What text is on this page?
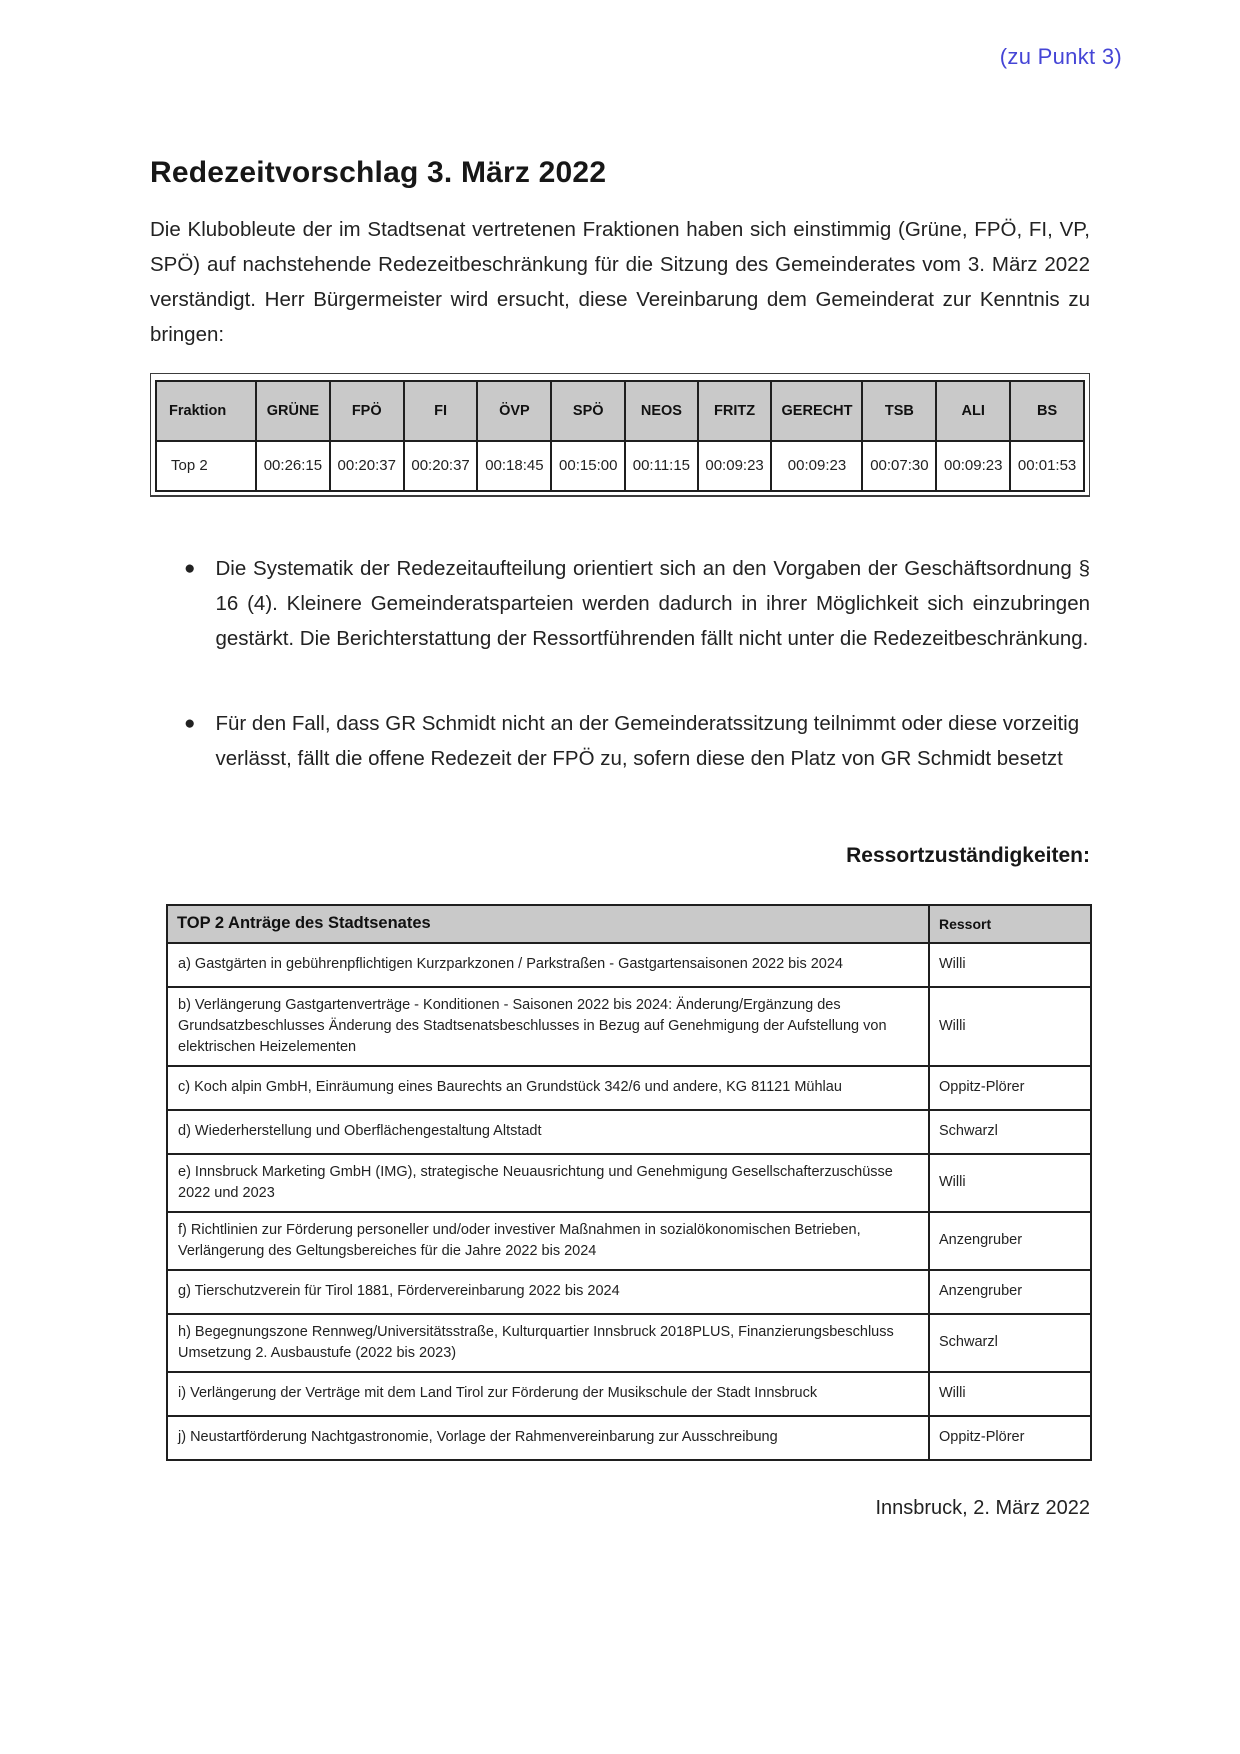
(zu Punkt 3)
Redezeitvorschlag 3. März 2022

Die Klubobleute der im Stadtsenat vertretenen Fraktionen haben sich einstimmig (Grüne, FPÖ, FI, VP, SPÖ) auf nachstehende Redezeitbeschränkung für die Sitzung des Gemeinderates vom 3. März 2022 verständigt. Herr Bürgermeister wird ersucht, diese Vereinbarung dem Gemeinderat zur Kenntnis zu bringen:

Fraktion	GRÜNE	FPÖ	FI	ÖVP	SPÖ	NEOS	FRITZ	GERECHT	TSB	ALI	BS
Top 2	00:26:15	00:20:37	00:20:37	00:18:45	00:15:00	00:11:15	00:09:23	00:09:23	00:07:30	00:09:23	00:01:53
● Die Systematik der Redezeitaufteilung orientiert sich an den Vorgaben der Geschäftsordnung § 16 (4). Kleinere Gemeinderatsparteien werden dadurch in ihrer Möglichkeit sich einzubringen gestärkt. Die Berichterstattung der Ressortführenden fällt nicht unter die Redezeitbeschränkung.
● Für den Fall, dass GR Schmidt nicht an der Gemeinderatssitzung teilnimmt oder diese vorzeitig verlässt, fällt die offene Redezeit der FPÖ zu, sofern diese den Platz von GR Schmidt besetzt
Ressortzuständigkeiten:
TOP 2 Anträge des Stadtsenates	Ressort
a) Gastgärten in gebührenpflichtigen Kurzparkzonen / Parkstraßen - Gastgartensaisonen 2022 bis 2024	Willi
b) Verlängerung Gastgartenverträge - Konditionen - Saisonen 2022 bis 2024: Änderung/Ergänzung des Grundsatzbeschlusses Änderung des Stadtsenatsbeschlusses in Bezug auf Genehmigung der Aufstellung von elektrischen Heizelementen	Willi
c) Koch alpin GmbH, Einräumung eines Baurechts an Grundstück 342/6 und andere, KG 81121 Mühlau	Oppitz-Plörer
d) Wiederherstellung und Oberflächengestaltung Altstadt	Schwarzl
e) Innsbruck Marketing GmbH (IMG), strategische Neuausrichtung und Genehmigung Gesellschafterzuschüsse 2022 und 2023	Willi
f) Richtlinien zur Förderung personeller und/oder investiver Maßnahmen in sozialökonomischen Betrieben, Verlängerung des Geltungsbereiches für die Jahre 2022 bis 2024	Anzengruber
g) Tierschutzverein für Tirol 1881, Fördervereinbarung 2022 bis 2024	Anzengruber
h) Begegnungszone Rennweg/Universitätsstraße, Kulturquartier Innsbruck 2018PLUS, Finanzierungsbeschluss Umsetzung 2. Ausbaustufe (2022 bis 2023)	Schwarzl
i) Verlängerung der Verträge mit dem Land Tirol zur Förderung der Musikschule der Stadt Innsbruck	Willi
j) Neustartförderung Nachtgastronomie, Vorlage der Rahmenvereinbarung zur Ausschreibung	Oppitz-Plörer
Innsbruck, 2. März 2022
